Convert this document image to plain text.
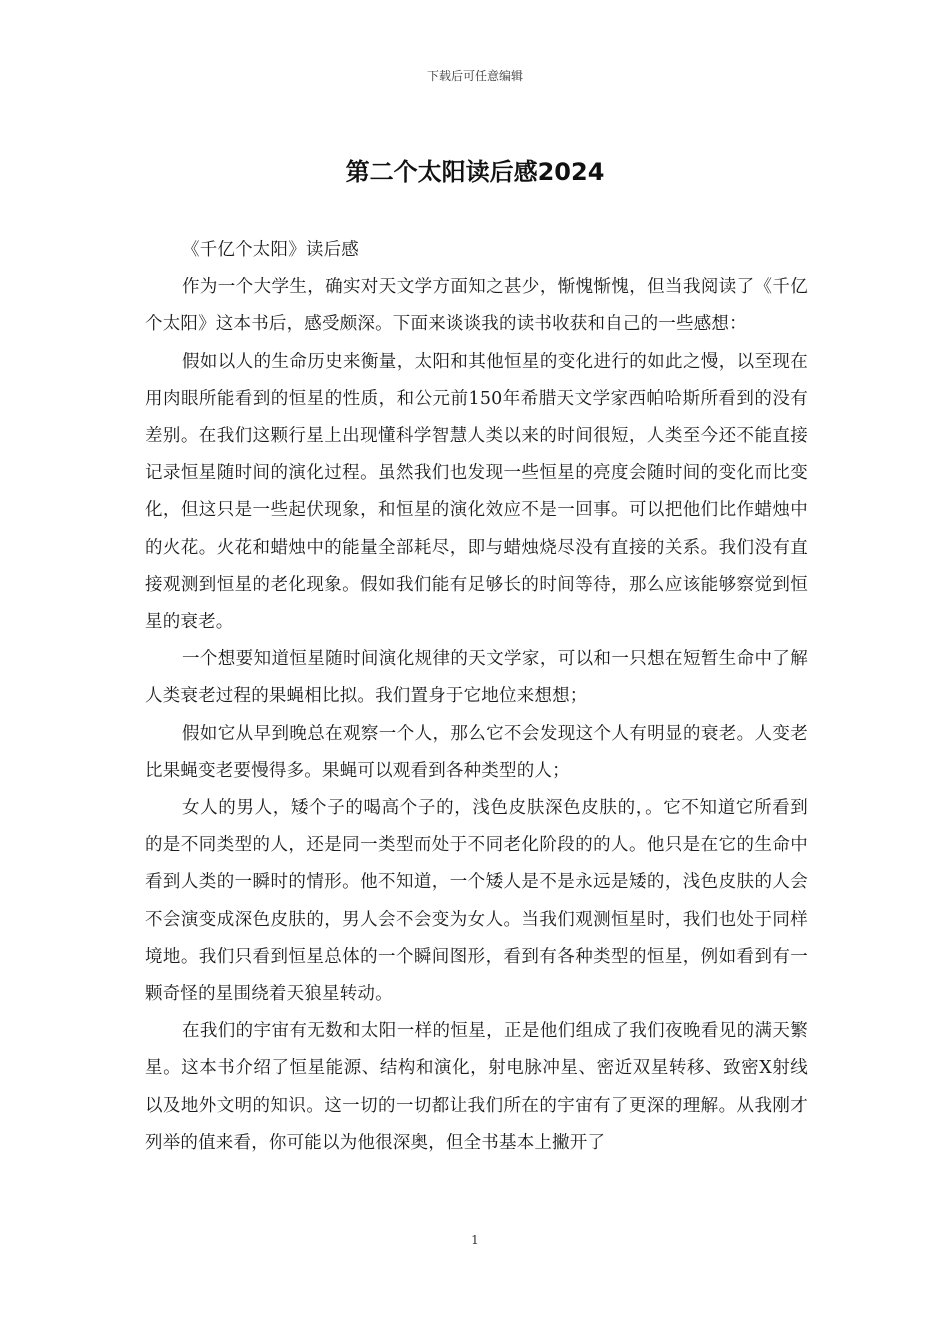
下载后可任意编辑
第二个太阳读后感2024

《千亿个太阳》读后感

作为一个大学生，确实对天文学方面知之甚少，惭愧惭愧，但当我阅读了《千亿个太阳》这本书后，感受颇深。下面来谈谈我的读书收获和自己的一些感想：

假如以人的生命历史来衡量，太阳和其他恒星的变化进行的如此之慢，以至现在用肉眼所能看到的恒星的性质，和公元前150年希腊天文学家西帕哈斯所看到的没有差别。在我们这颗行星上出现懂科学智慧人类以来的时间很短，人类至今还不能直接记录恒星随时间的演化过程。虽然我们也发现一些恒星的亮度会随时间的变化而比变化，但这只是一些起伏现象，和恒星的演化效应不是一回事。可以把他们比作蜡烛中的火花。火花和蜡烛中的能量全部耗尽，即与蜡烛烧尽没有直接的关系。我们没有直接观测到恒星的老化现象。假如我们能有足够长的时间等待，那么应该能够察觉到恒星的衰老。

一个想要知道恒星随时间演化规律的天文学家，可以和一只想在短暂生命中了解人类衰老过程的果蝇相比拟。我们置身于它地位来想想；

假如它从早到晚总在观察一个人，那么它不会发现这个人有明显的衰老。人变老比果蝇变老要慢得多。果蝇可以观看到各种类型的人；

女人的男人，矮个子的喝高个子的，浅色皮肤深色皮肤的，。它不知道它所看到的是不同类型的人，还是同一类型而处于不同老化阶段的的人。他只是在它的生命中看到人类的一瞬时的情形。他不知道，一个矮人是不是永远是矮的，浅色皮肤的人会不会演变成深色皮肤的，男人会不会变为女人。当我们观测恒星时，我们也处于同样境地。我们只看到恒星总体的一个瞬间图形，看到有各种类型的恒星，例如看到有一颗奇怪的星围绕着天狼星转动。

在我们的宇宙有无数和太阳一样的恒星，正是他们组成了我们夜晚看见的满天繁星。这本书介绍了恒星能源、结构和演化，射电脉冲星、密近双星转移、致密X射线以及地外文明的知识。这一切的一切都让我们所在的宇宙有了更深的理解。从我刚才列举的值来看，你可能以为他很深奥，但全书基本上撇开了

1
